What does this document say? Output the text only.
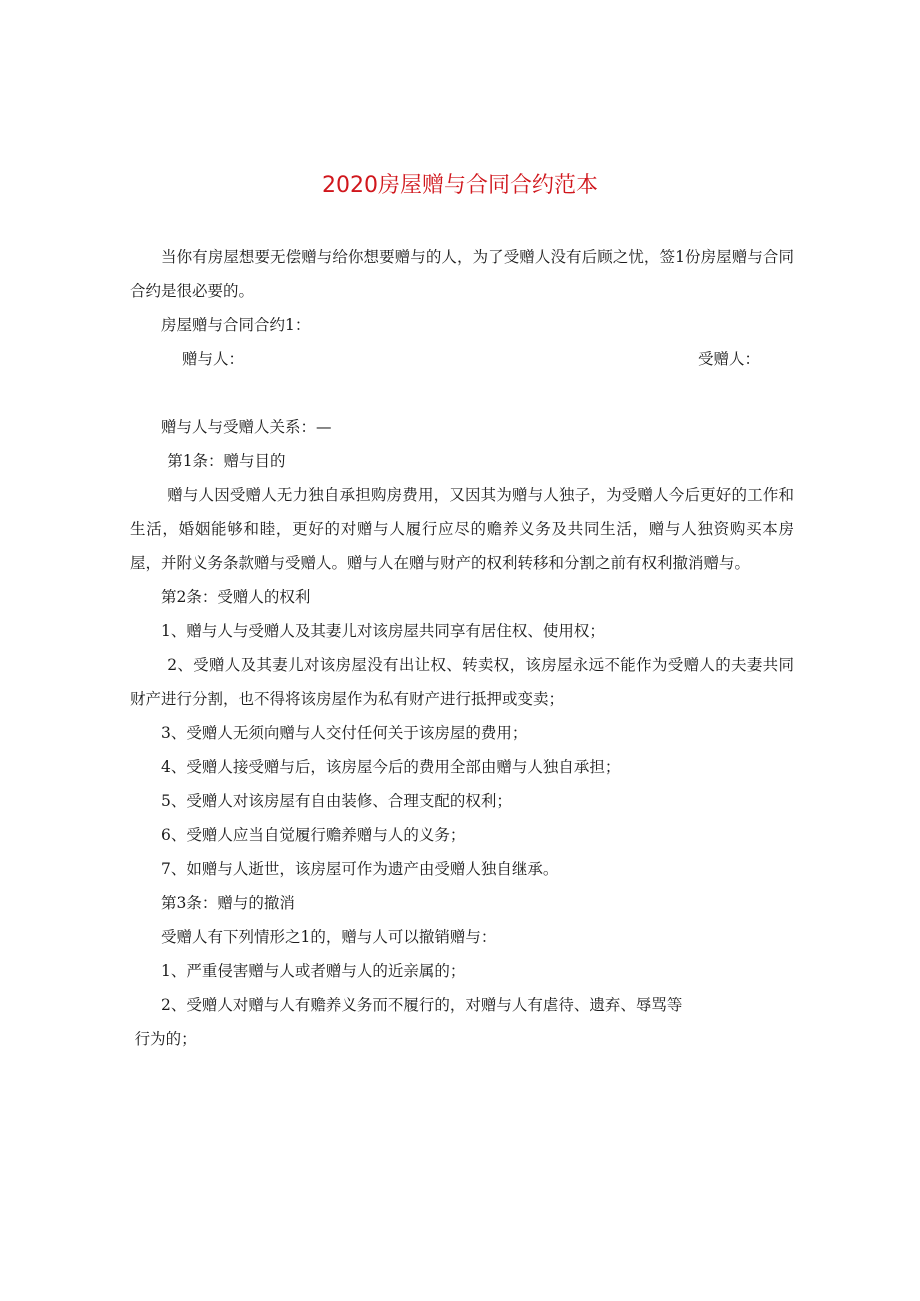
2020房屋赠与合同合约范本

当你有房屋想要无偿赠与给你想要赠与的人，为了受赠人没有后顾之忧，签1份房屋赠与合同合约是很必要的。

房屋赠与合同合约1：

赠与人：	受赠人：

赠与人与受赠人关系：—

第1条：赠与目的

赠与人因受赠人无力独自承担购房费用，又因其为赠与人独子，为受赠人今后更好的工作和生活，婚姻能够和睦，更好的对赠与人履行应尽的赡养义务及共同生活，赠与人独资购买本房屋，并附义务条款赠与受赠人。赠与人在赠与财产的权利转移和分割之前有权利撤消赠与。

第2条：受赠人的权利

1、赠与人与受赠人及其妻儿对该房屋共同享有居住权、使用权；

2、受赠人及其妻儿对该房屋没有出让权、转卖权，该房屋永远不能作为受赠人的夫妻共同财产进行分割，也不得将该房屋作为私有财产进行抵押或变卖；

3、受赠人无须向赠与人交付任何关于该房屋的费用；

4、受赠人接受赠与后，该房屋今后的费用全部由赠与人独自承担；

5、受赠人对该房屋有自由装修、合理支配的权利；

6、受赠人应当自觉履行赡养赠与人的义务；

7、如赠与人逝世，该房屋可作为遗产由受赠人独自继承。

第3条：赠与的撤消

受赠人有下列情形之1的，赠与人可以撤销赠与：

1、严重侵害赠与人或者赠与人的近亲属的；

2、受赠人对赠与人有赡养义务而不履行的，对赠与人有虐待、遗弃、辱骂等

行为的；
